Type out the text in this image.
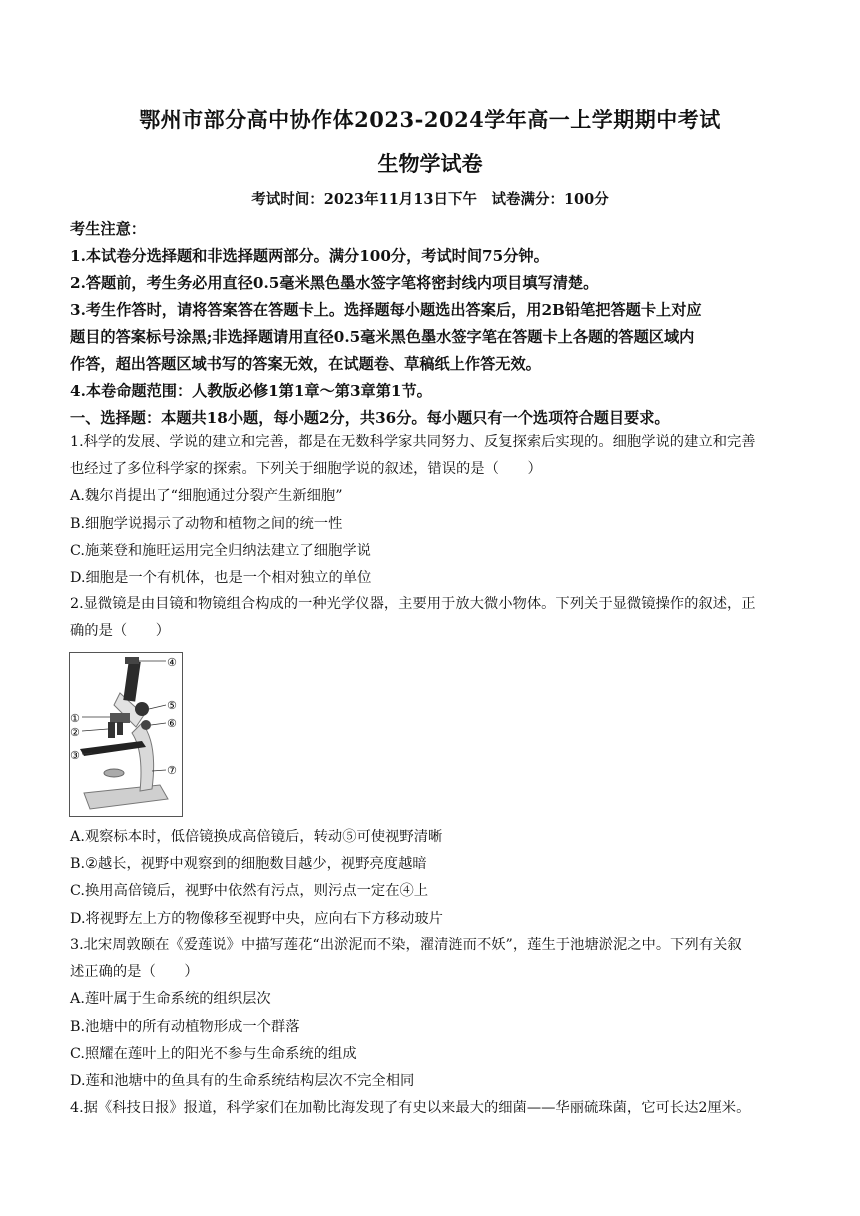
鄂州市部分高中协作体2023-2024学年高一上学期期中考试
生物学试卷
考试时间：2023年11月13日下午　试卷满分：100分
考生注意：
1.本试卷分选择题和非选择题两部分。满分100分，考试时间75分钟。
2.答题前，考生务必用直径0.5毫米黑色墨水签字笔将密封线内项目填写清楚。
3.考生作答时，请将答案答在答题卡上。选择题每小题选出答案后，用2B铅笔把答题卡上对应
题目的答案标号涂黑;非选择题请用直径0.5毫米黑色墨水签字笔在答题卡上各题的答题区域内
作答，超出答题区域书写的答案无效，在试题卷、草稿纸上作答无效。
4.本卷命题范围：人教版必修1第1章～第3章第1节。
一、选择题：本题共18小题，每小题2分，共36分。每小题只有一个选项符合题目要求。
1.科学的发展、学说的建立和完善，都是在无数科学家共同努力、反复探索后实现的。细胞学说的建立和完善
也经过了多位科学家的探索。下列关于细胞学说的叙述，错误的是（　　）
A.魏尔肖提出了“细胞通过分裂产生新细胞”
B.细胞学说揭示了动物和植物之间的统一性
C.施莱登和施旺运用完全归纳法建立了细胞学说
D.细胞是一个有机体，也是一个相对独立的单位
2.显微镜是由目镜和物镜组合构成的一种光学仪器，主要用于放大微小物体。下列关于显微镜操作的叙述，正
确的是（　　）
①
②
③
④
⑤
⑥
⑦
A.观察标本时，低倍镜换成高倍镜后，转动⑤可使视野清晰
B.②越长，视野中观察到的细胞数目越少，视野亮度越暗
C.换用高倍镜后，视野中依然有污点，则污点一定在④上
D.将视野左上方的物像移至视野中央，应向右下方移动玻片
3.北宋周敦颐在《爱莲说》中描写莲花“出淤泥而不染，濯清涟而不妖”，莲生于池塘淤泥之中。下列有关叙
述正确的是（　　）
A.莲叶属于生命系统的组织层次
B.池塘中的所有动植物形成一个群落
C.照耀在莲叶上的阳光不参与生命系统的组成
D.莲和池塘中的鱼具有的生命系统结构层次不完全相同
4.据《科技日报》报道，科学家们在加勒比海发现了有史以来最大的细菌——华丽硫珠菌，它可长达2厘米。
